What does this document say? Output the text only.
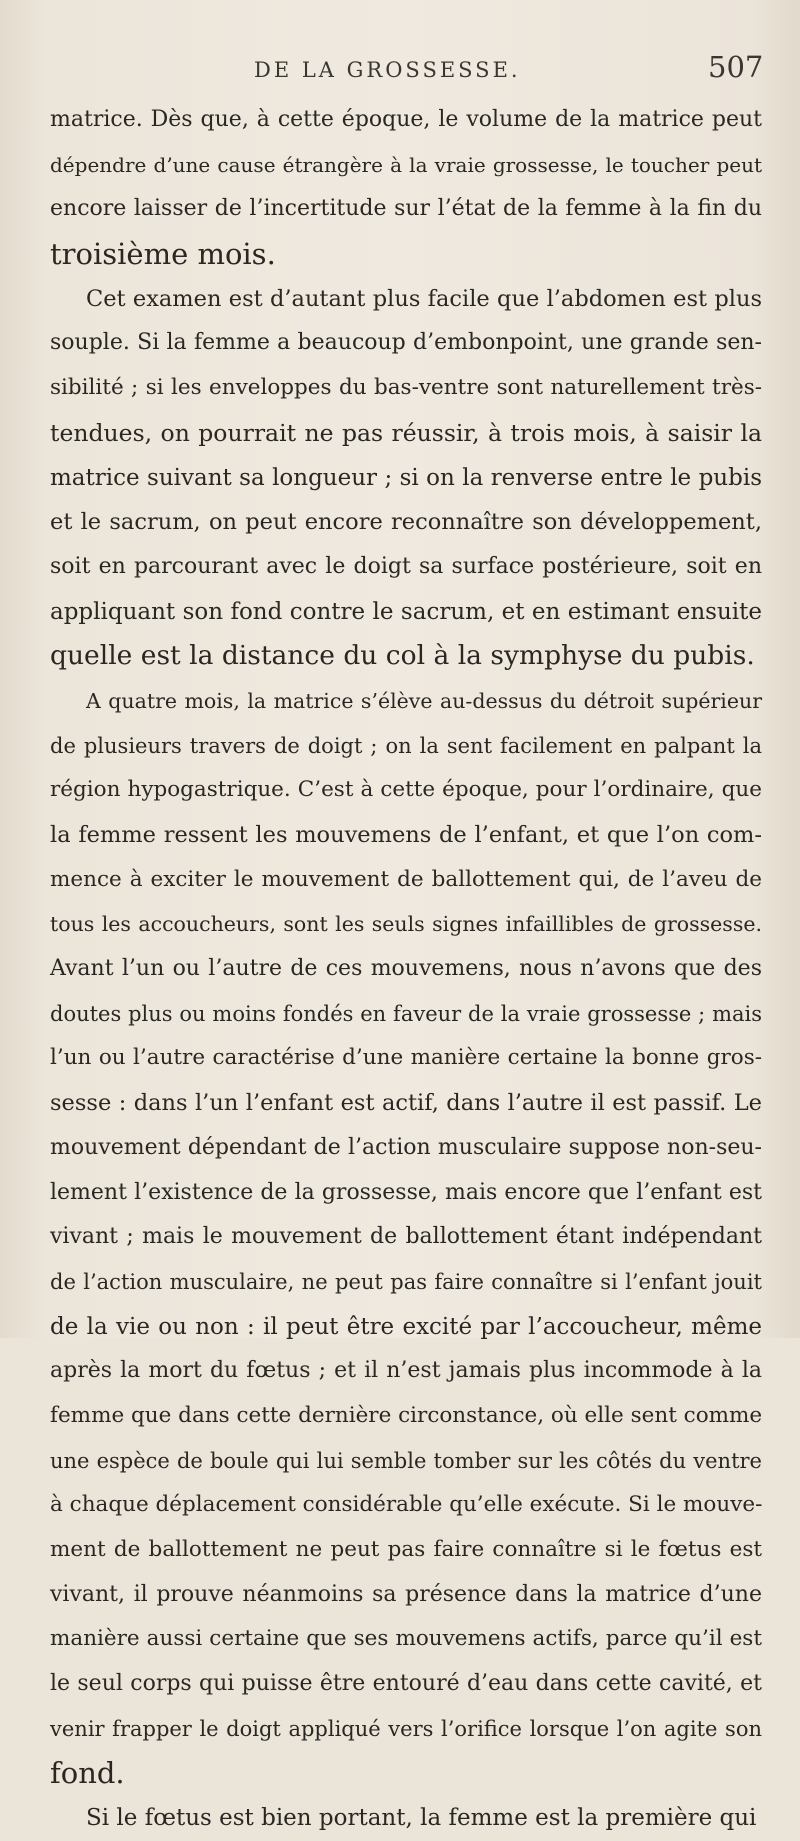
DE LA GROSSESSE.	507
matrice. Dès que, à cette époque, le volume de la matrice peut
dépendre d’une cause étrangère à la vraie grossesse, le toucher peut
encore laisser de l’incertitude sur l’état de la femme à la fin du
troisième mois.
Cet examen est d’autant plus facile que l’abdomen est plus
souple. Si la femme a beaucoup d’embonpoint, une grande sen-
sibilité ; si les enveloppes du bas-ventre sont naturellement très-
tendues, on pourrait ne pas réussir, à trois mois, à saisir la
matrice suivant sa longueur ; si on la renverse entre le pubis
et le sacrum, on peut encore reconnaître son développement,
soit en parcourant avec le doigt sa surface postérieure, soit en
appliquant son fond contre le sacrum, et en estimant ensuite
quelle est la distance du col à la symphyse du pubis.
A quatre mois, la matrice s’élève au-dessus du détroit supérieur
de plusieurs travers de doigt ; on la sent facilement en palpant la
région hypogastrique. C’est à cette époque, pour l’ordinaire, que
la femme ressent les mouvemens de l’enfant, et que l’on com-
mence à exciter le mouvement de ballottement qui, de l’aveu de
tous les accoucheurs, sont les seuls signes infaillibles de grossesse.
Avant l’un ou l’autre de ces mouvemens, nous n’avons que des
doutes plus ou moins fondés en faveur de la vraie grossesse ; mais
l’un ou l’autre caractérise d’une manière certaine la bonne gros-
sesse : dans l’un l’enfant est actif, dans l’autre il est passif. Le
mouvement dépendant de l’action musculaire suppose non-seu-
lement l’existence de la grossesse, mais encore que l’enfant est
vivant ; mais le mouvement de ballottement étant indépendant
de l’action musculaire, ne peut pas faire connaître si l’enfant jouit
de la vie ou non : il peut être excité par l’accoucheur, même
après la mort du fœtus ; et il n’est jamais plus incommode à la
femme que dans cette dernière circonstance, où elle sent comme
une espèce de boule qui lui semble tomber sur les côtés du ventre
à chaque déplacement considérable qu’elle exécute. Si le mouve-
ment de ballottement ne peut pas faire connaître si le fœtus est
vivant, il prouve néanmoins sa présence dans la matrice d’une
manière aussi certaine que ses mouvemens actifs, parce qu’il est
le seul corps qui puisse être entouré d’eau dans cette cavité, et
venir frapper le doigt appliqué vers l’orifice lorsque l’on agite son
fond.
Si le fœtus est bien portant, la femme est la première qui
